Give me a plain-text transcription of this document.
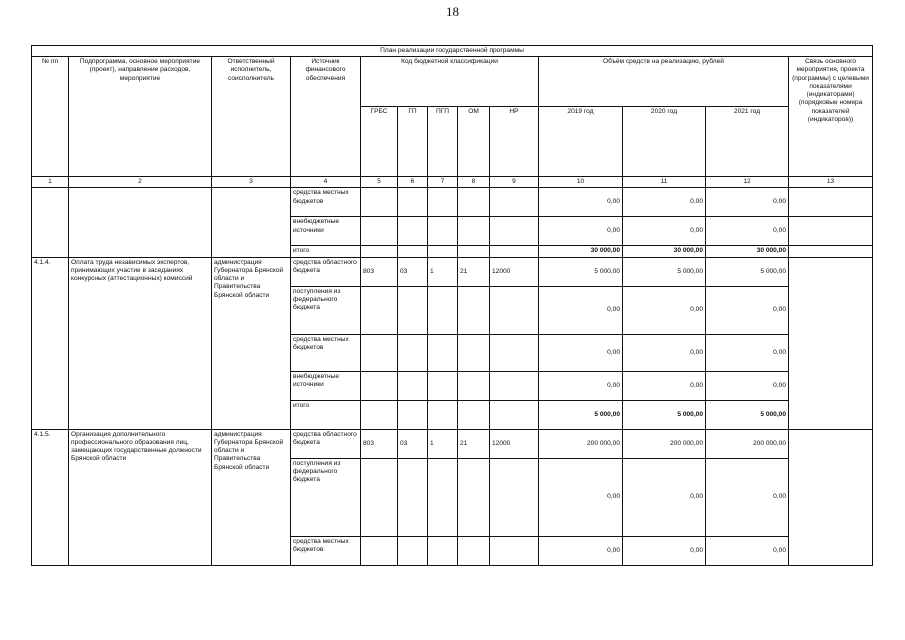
18
План реализации государственной программы												
№ пп	Подпрограмма, основное мероприятие (проект), направление расходов, мероприятие	Ответственный исполнитель, соисполнитель	Источник финансового обеспечения	Код бюджетной классификации					Объём средств на реализацию, рублей			Связь основного мероприятия, проекта (программы) с целевыми показателями (индикаторами) (порядковые номера показателей (индикаторов))
				ГРБС	ГП	ПГП	ОМ	НР	2019 год	2020 год	2021 год	
1	2	3	4	5	6	7	8	9	10	11	12	13
			средства местных бюджетов						0,00	0,00	0,00	
			внебюджетные источники						0,00	0,00	0,00	
			итого						30 000,00	30 000,00	30 000,00	
4.1.4.	Оплата труда независимых экспертов, принимающих участие в заседаниях конкурсных (аттестационных) комиссий	администрация Губернатора Брянской области и Правительства Брянской области	средства областного бюджета	803	03	1	21	12000	5 000,00	5 000,00	5 000,00	
			поступления из федерального бюджета						0,00	0,00	0,00	
			средства местных бюджетов						0,00	0,00	0,00	
			внебюджетные источники						0,00	0,00	0,00	
			итого						5 000,00	5 000,00	5 000,00	
4.1.5.	Организация дополнительного профессионального образования лиц, замещающих государственные должности Брянской области	администрация Губернатора Брянской области и Правительства Брянской области	средства областного бюджета	803	03	1	21	12000	200 000,00	200 000,00	200 000,00	
			поступления из федерального бюджета						0,00	0,00	0,00	
			средства местных бюджетов						0,00	0,00	0,00	
